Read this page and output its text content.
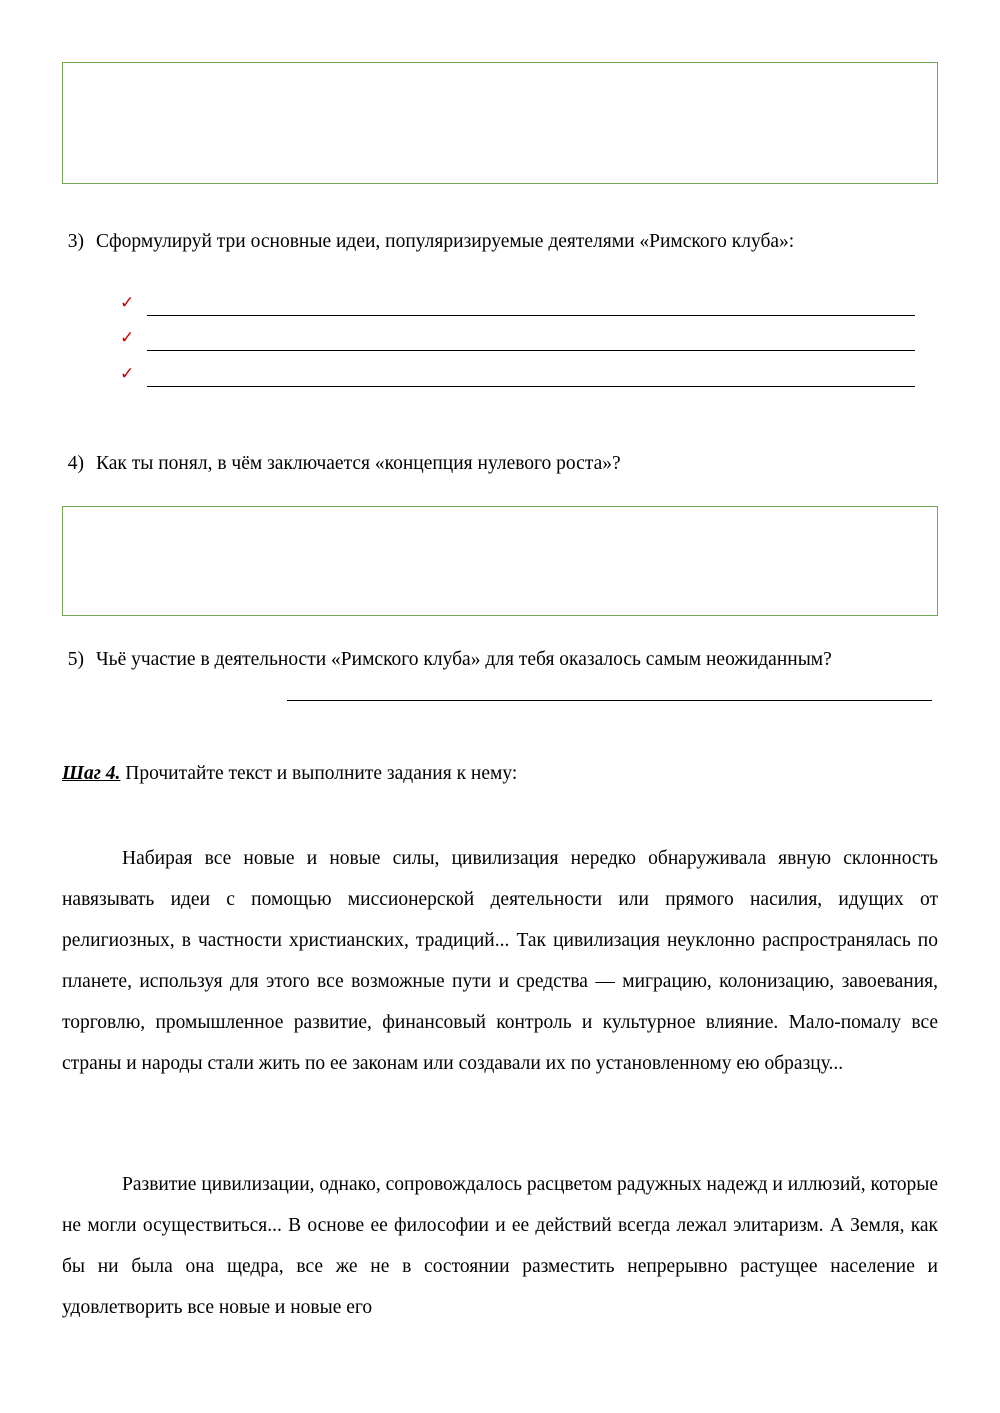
3) Сформулируй три основные идеи, популяризируемые деятелями «Римского клуба»:
✓
✓
✓
4) Как ты понял, в чём заключается «концепция нулевого роста»?
5) Чьё участие в деятельности «Римского клуба» для тебя оказалось самым неожиданным?
Шаг 4. Прочитайте текст и выполните задания к нему:

Набирая все новые и новые силы, цивилизация нередко обнаруживала явную склонность навязывать идеи с помощью миссионерской деятельности или прямого насилия, идущих от религиозных, в частности христианских, традиций... Так цивилизация неуклонно распространялась по планете, используя для этого все возможные пути и средства — миграцию, колонизацию, завоевания, торговлю, промышленное развитие, финансовый контроль и культурное влияние. Мало-помалу все страны и народы стали жить по ее законам или создавали их по установленному ею образцу...

Развитие цивилизации, однако, сопровождалось расцветом радужных надежд и иллюзий, которые не могли осуществиться... В основе ее философии и ее действий всегда лежал элитаризм. А Земля, как бы ни была она щедра, все же не в состоянии разместить непрерывно растущее население и удовлетворить все новые и новые его
